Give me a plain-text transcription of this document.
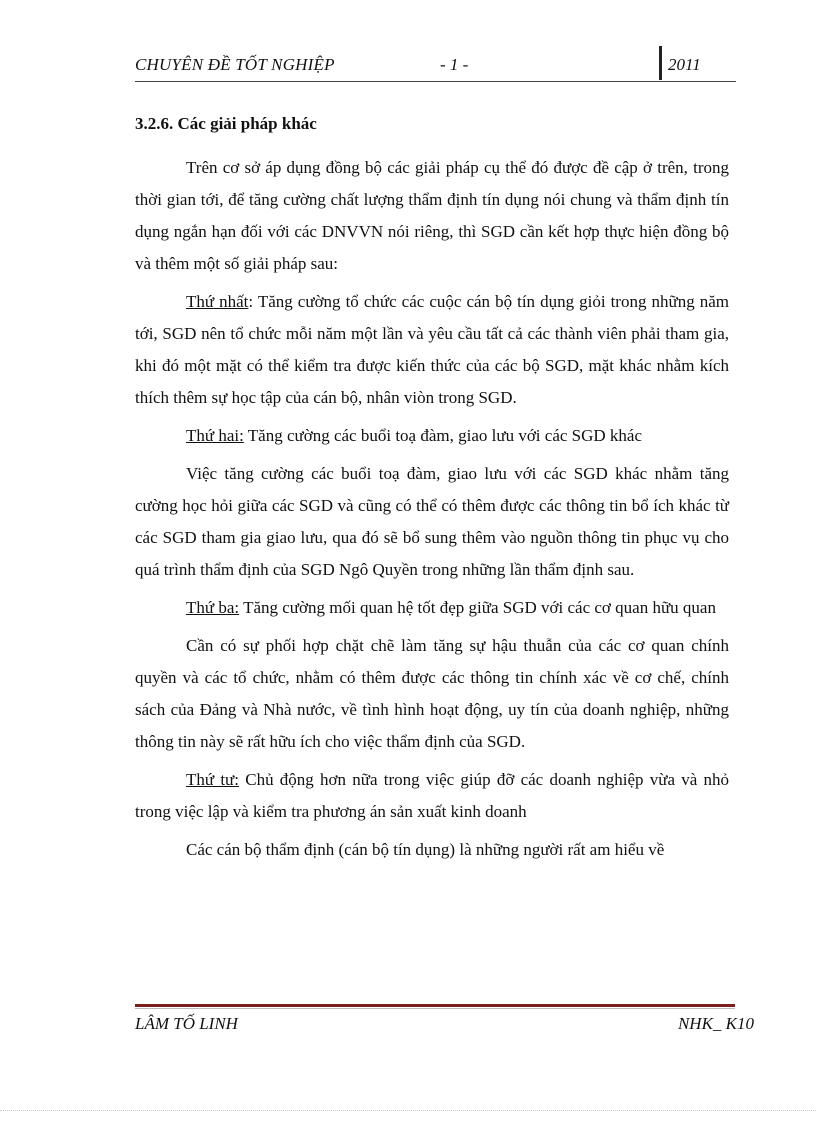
CHUYÊN ĐỀ TỐT NGHIỆP	- 1 -	2011
3.2.6. Các giải pháp khác

Trên cơ sở áp dụng đồng bộ các giải pháp cụ thể đó được đề cập ở trên, trong thời gian tới, để tăng cường chất lượng thẩm định tín dụng nói chung và thẩm định tín dụng ngắn hạn đối với các DNVVN nói riêng, thì SGD cần kết hợp thực hiện đồng bộ và thêm một số giải pháp sau:

Thứ nhất: Tăng cường tổ chức các cuộc cán bộ tín dụng giỏi trong những năm tới, SGD nên tổ chức mỗi năm một lần và yêu cầu tất cả các thành viên phải tham gia, khi đó một mặt có thể kiểm tra được kiến thức của các bộ SGD, mặt khác nhằm kích thích thêm sự học tập của cán bộ, nhân viòn trong SGD.

Thứ hai: Tăng cường các buổi toạ đàm, giao lưu với các SGD khác

Việc tăng cường các buổi toạ đàm, giao lưu với các SGD khác nhằm tăng cường học hỏi giữa các SGD và cũng có thể có thêm được các thông tin bổ ích khác từ các SGD tham gia giao lưu, qua đó sẽ bổ sung thêm vào nguồn thông tin phục vụ cho quá trình thẩm định của SGD Ngô Quyền trong những lần thẩm định sau.

Thứ ba: Tăng cường mối quan hệ tốt đẹp giữa SGD với các cơ quan hữu quan

Cần có sự phối hợp chặt chẽ làm tăng sự hậu thuẫn của các cơ quan chính quyền và các tổ chức, nhằm có thêm được các thông tin chính xác về cơ chế, chính sách của Đảng và Nhà nước, về tình hình hoạt động, uy tín của doanh nghiệp, những thông tin này sẽ rất hữu ích cho việc thẩm định của SGD.

Thứ tư: Chủ động hơn nữa trong việc giúp đỡ các doanh nghiệp vừa và nhỏ trong việc lập và kiểm tra phương án sản xuất kinh doanh

Các cán bộ thẩm định (cán bộ tín dụng) là những người rất am hiểu về

LÂM TỐ LINH	NHK_ K10
